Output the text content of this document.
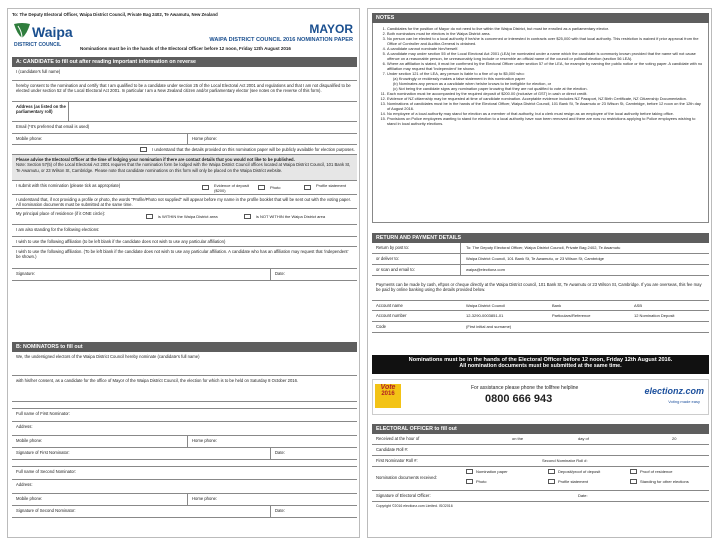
To: The Deputy Electoral Officer, Waipa District Council, Private Bag 2402, Te Awamutu, New Zealand
Waipa
DISTRICT COUNCIL
MAYOR
WAIPA DISTRICT COUNCIL 2016 NOMINATION PAPER
Nominations must be in the hands of the Electoral Officer before 12 noon, Friday 12th August 2016
A: CANDIDATE to fill out after reading important information on reverse
I (candidate's full name)
hereby consent to the nomination and certify that I am qualified to be a candidate under section 25 of the Local Electoral Act 2001 and regulations and that I am not disqualified to be elected under section 52 of the Local Electoral Act 2001. In particular I am a New Zealand citizen and/or parliamentary elector (see notes on the reverse of this form).
Address (as listed on the parliamentary roll)
Email (*It's preferred that email is used)
Mobile phone:	Home phone:
I understand that the details provided on this nomination paper will be publicly available for election purposes.
Please advise the Electoral Officer at the time of lodging your nomination if there are contact details that you would not like to be published.
Note: Section 57(5) of the Local Electoral Act 2001 requires that the nomination form be lodged with the Waipa District Council offices located at Waipa District Council, 101 Bank St, Te Awamutu, or 23 Wilson St, Cambridge. Please note that candidate nominations on this form will only be placed on the Waipa District website.
I submit with this nomination (please tick as appropriate)	Evidence of deposit ($200)
Photo	Profile statement
I understand that, if not providing a profile or photo, the words "Profile/Photo not supplied" will appear before my name in the profile booklet that will be sent out with the voting paper. All nomination documents must be submitted at the same time.
My principal place of residence (if it ONE circle):
is WITHIN the Waipa District area	is NOT WITHIN the Waipa District area
I am also standing for the following elections:
I wish to use the following affiliation (to be left blank if the candidate does not wish to use any particular affiliation)
I wish to use the following affiliation. (To be left blank if the candidate does not wish to use any particular affiliation. A candidate who has an affiliation may request that 'independent' be shown.)
Signature:	Date:
B: NOMINATORS to fill out
We, the undersigned electors of the Waipa District Council hereby nominate (candidate's full name)
with his/her consent, as a candidate for the office of Mayor of the Waipa District Council, the election for which is to be held on Saturday 8 October 2016.
Full name of First Nominator:
Address:
Mobile phone:	Home phone:
Signature of First Nominator:	Date:
Full name of Second Nominator:
Address:
Mobile phone:	Home phone:
Signature of Second Nominator:	Date:
NOTES
1. Candidates for the position of Mayor do not need to live within the Waipa District, but must be enrolled as a parliamentary elector.
2. Both nominators must be electors in the Waipa District area.
3. No person can be elected to a local authority if he/she is concerned or interested in contracts over $25,000 with that local authority. This restriction is waived if prior approval from the Office of Controller and Auditor-General is obtained.
4. A candidate cannot nominate him/herself.
5. A candidate may under section 55 of the Local Electoral Act 2001 (LEA) be nominated under a name which the candidate is commonly known provided that the name will not cause offence on a reasonable person, be unreasonably long include or resemble an official name of the council or political election (section 56 LEA).
6. Where an affiliation is stated, it must be confirmed by the Electoral Officer under section 57 of the LEA, for example by naming the public notice or the voting paper. A candidate with no affiliation may request that 'Independent' be shown.
7. Under section 121 of the LEA, any person is liable to a fine of up to $5,000 who:
(a) Knowingly or recklessly makes a false statement in this nomination paper
(b) Nominates any person as a candidate when he/she knows to be ineligible for election, or
(c) Not being the candidate signs any nomination paper knowing that they are not qualified to vote at the election.
11. Each nomination must be accompanied by the required deposit of $200.00 (inclusive of GST) in cash or direct credit.
12. Evidence of NZ citizenship may be requested at time of candidate nomination. Acceptable evidence includes NZ Passport, NZ Birth Certificate, NZ Citizenship Documentation.
13. Nominations of candidates must be in the hands of the Electoral Officer, Waipa District Council, 101 Bank St, Te Awamutu or 23 Wilson St, Cambridge, before 12 noon on the 12th day of August 2016.
14. No employee of a local authority may stand for election as a member of that authority, but a clerk must resign as an employee of the local authority before taking office.
15. Provisions on Police employees wanting to stand for election to a local authority have now been removed and there are now no restrictions applying to Police employees wishing to stand in local authority elections.
RETURN AND PAYMENT DETAILS
Return by post to:	To: The Deputy Electoral Officer, Waipa District Council, Private Bag 2402, Te Awamutu
or deliver to:	Waipa District Council, 101 Bank St, Te Awamutu, or 23 Wilson St, Cambridge
or scan and email to:	waipa@electionz.com
Payments can be made by cash, eftpos or cheque directly at the Waipa District council, 101 Bank St, Te Awamutu or 23 Wilson St, Cambridge. If you are overseas, this fee may be paid by online banking using the details provided below.
Account name	Waipa District Council	Bank	ASB
Account number	12-3290-0003851-01	Particulars/Reference	12 Nomination Deposit
Code	(First initial and surname)
Nominations must be in the hands of the Electoral Officer before 12 noon, Friday 12th August 2016.
All nomination documents must be submitted at the same time.
Vote
2016
For assistance please phone the tollfree helpline
0800 666 943
electionz.com
Voting made easy
ELECTORAL OFFICER to fill out
Received at the hour of	on the	day of	20
Candidate Roll #:
First Nominator Roll #:	Second Nominator Roll #:
Nomination documents received:
Nomination paper	Deposit/proof of deposit	Proof of residence
Photo	Profile statement	Standing for other elections
Signature of Electoral Officer:	Date:
Copyright ©2016 electionz.com Limited. ISO2016
